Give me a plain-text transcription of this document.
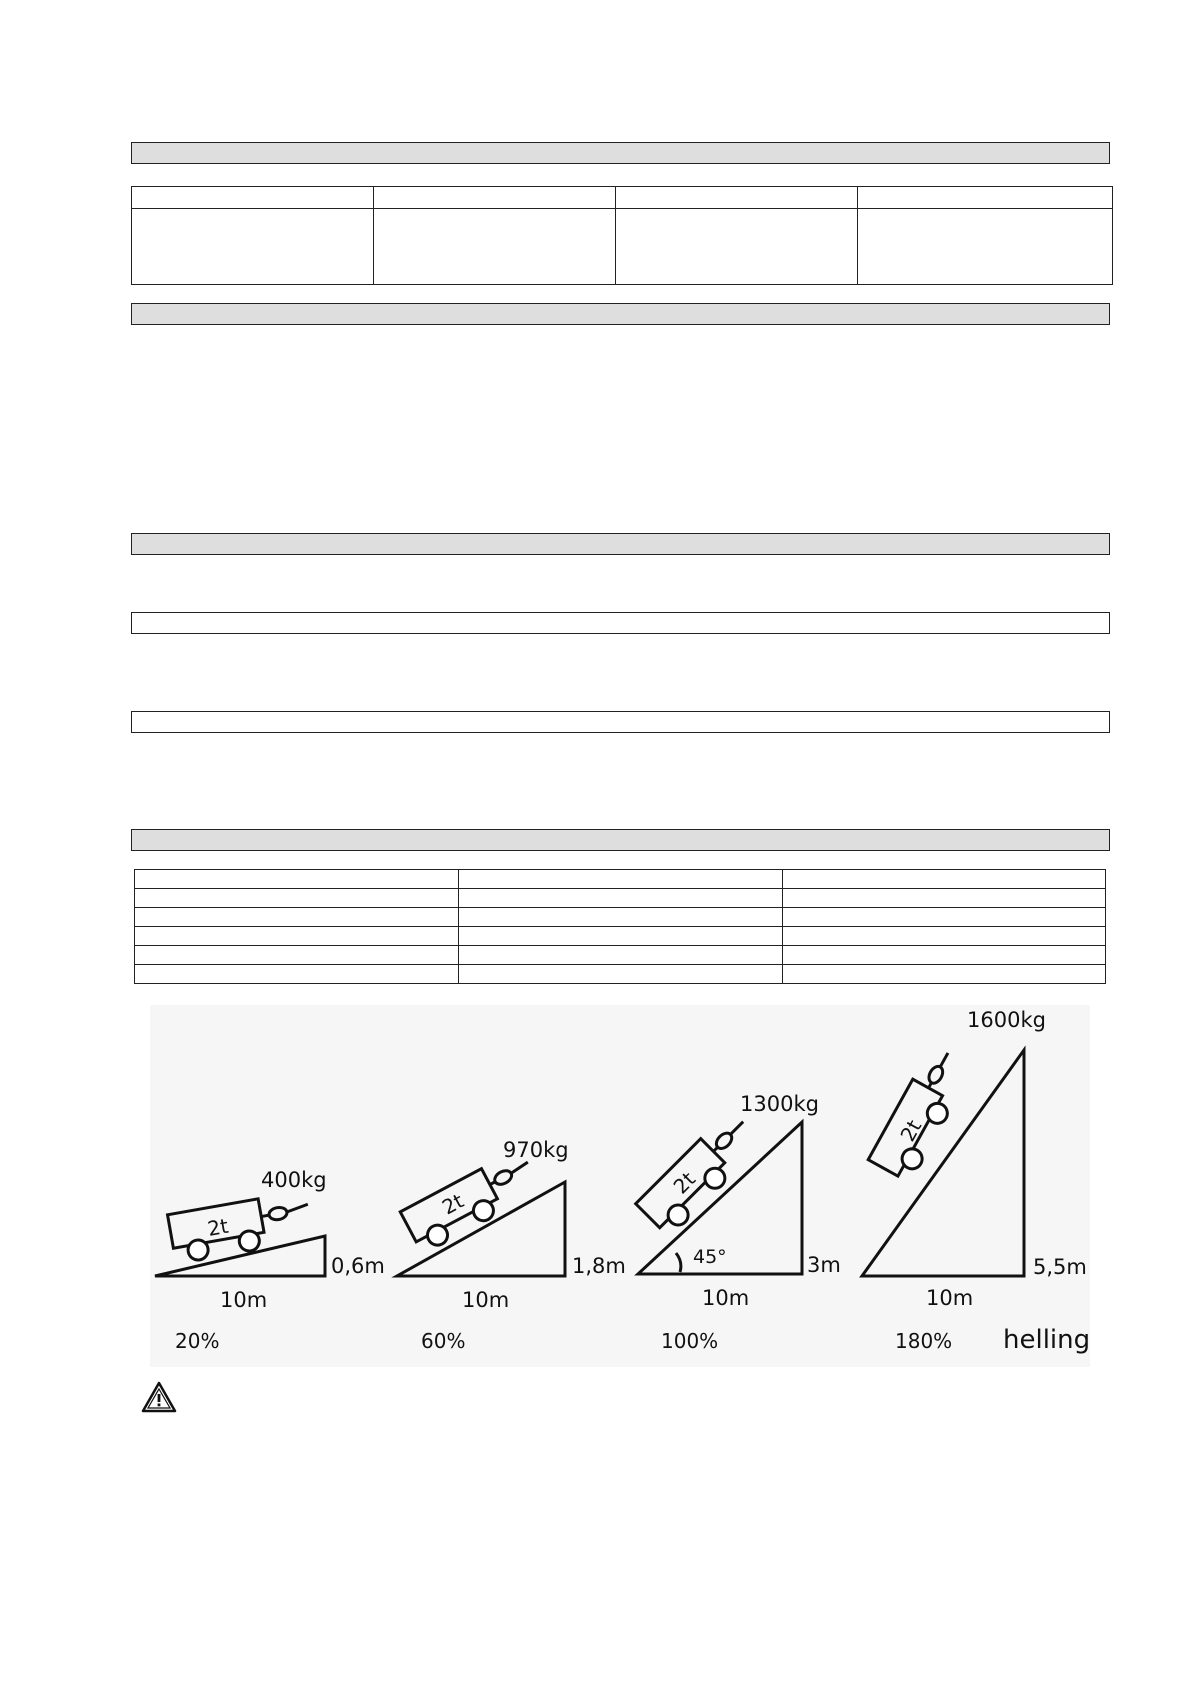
2t
2t
2t
2t
400kg
970kg
1300kg
1600kg
0,6m	1,8m	3m	5,5m
10m	10m	10m	10m
45°
20%	60%	100%	180% helling
